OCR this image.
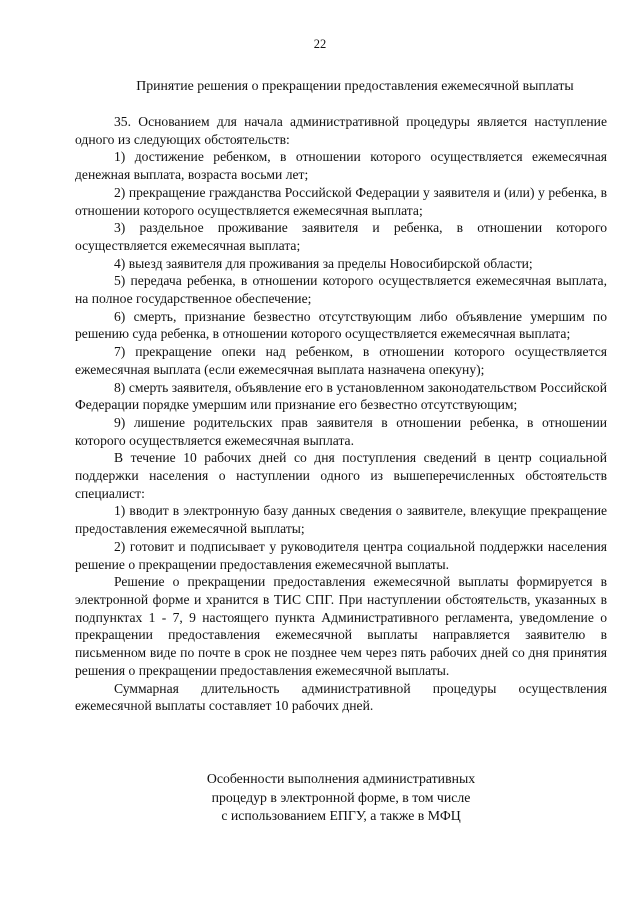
22
Принятие решения о прекращении предоставления ежемесячной выплаты

35. Основанием для начала административной процедуры является наступление одного из следующих обстоятельств:

1) достижение ребенком, в отношении которого осуществляется ежемесячная денежная выплата, возраста восьми лет;

2) прекращение гражданства Российской Федерации у заявителя и (или) у ребенка, в отношении которого осуществляется ежемесячная выплата;

3) раздельное проживание заявителя и ребенка, в отношении которого осуществляется ежемесячная выплата;

4) выезд заявителя для проживания за пределы Новосибирской области;

5) передача ребенка, в отношении которого осуществляется ежемесячная выплата, на полное государственное обеспечение;

6) смерть, признание безвестно отсутствующим либо объявление умершим по решению суда ребенка, в отношении которого осуществляется ежемесячная выплата;

7) прекращение опеки над ребенком, в отношении которого осуществляется ежемесячная выплата (если ежемесячная выплата назначена опекуну);

8) смерть заявителя, объявление его в установленном законодательством Российской Федерации порядке умершим или признание его безвестно отсутствующим;

9) лишение родительских прав заявителя в отношении ребенка, в отношении которого осуществляется ежемесячная выплата.

В течение 10 рабочих дней со дня поступления сведений в центр социальной поддержки населения о наступлении одного из вышеперечисленных обстоятельств специалист:

1) вводит в электронную базу данных сведения о заявителе, влекущие прекращение предоставления ежемесячной выплаты;

2) готовит и подписывает у руководителя центра социальной поддержки населения решение о прекращении предоставления ежемесячной выплаты.

Решение о прекращении предоставления ежемесячной выплаты формируется в электронной форме и хранится в ТИС СПГ. При наступлении обстоятельств, указанных в подпунктах 1 - 7, 9 настоящего пункта Административного регламента, уведомление о прекращении предоставления ежемесячной выплаты направляется заявителю в письменном виде по почте в срок не позднее чем через пять рабочих дней со дня принятия решения о прекращении предоставления ежемесячной выплаты.

Суммарная длительность административной процедуры осуществления ежемесячной выплаты составляет 10 рабочих дней.

Особенности выполнения административных
процедур в электронной форме, в том числе
с использованием ЕПГУ, а также в МФЦ
